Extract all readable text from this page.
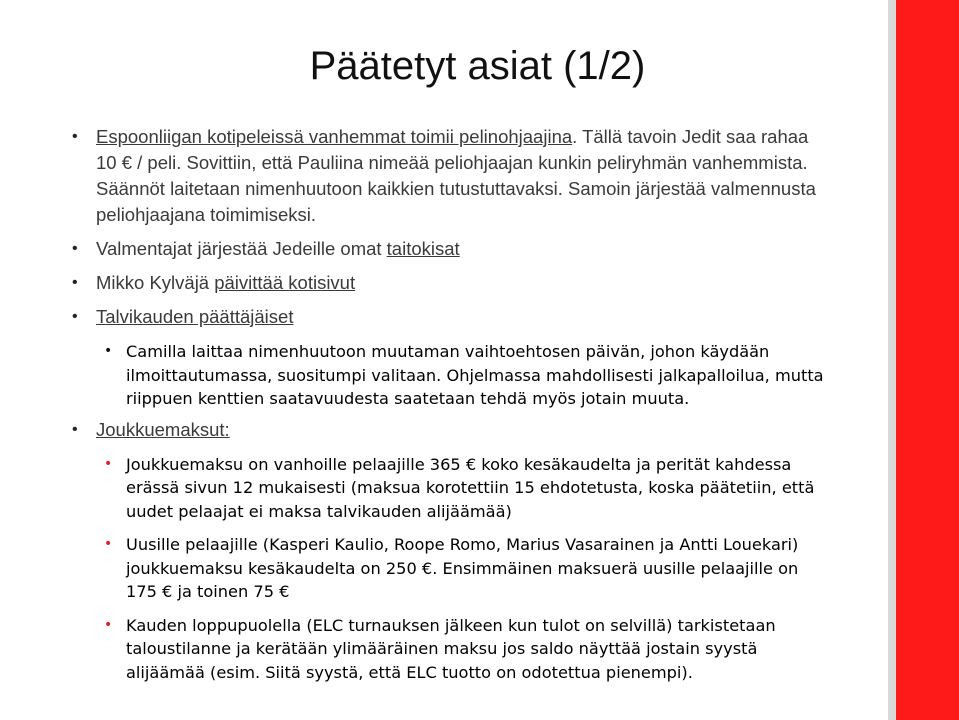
Päätetyt asiat (1/2)
• Espoonliigan kotipeleissä vanhemmat toimii pelinohjaajina. Tällä tavoin Jedit saa rahaa 10 € / peli. Sovittiin, että Pauliina nimeää peliohjaajan kunkin peliryhmän vanhemmista. Säännöt laitetaan nimenhuutoon kaikkien tutustuttavaksi. Samoin järjestää valmennusta peliohjaajana toimimiseksi.
• Valmentajat järjestää Jedeille omat taitokisat
• Mikko Kylväjä päivittää kotisivut
• Talvikauden päättäjäiset
• Camilla laittaa nimenhuutoon muutaman vaihtoehtosen päivän, johon käydään ilmoittautumassa, suositumpi valitaan. Ohjelmassa mahdollisesti jalkapalloilua, mutta riippuen kenttien saatavuudesta saatetaan tehdä myös jotain muuta.
• Joukkuemaksut:
• Joukkuemaksu on vanhoille pelaajille 365 € koko kesäkaudelta ja perität kahdessa erässä sivun 12 mukaisesti (maksua korotettiin 15 ehdotetusta, koska päätetiin, että uudet pelaajat ei maksa talvikauden alijäämää)
• Uusille pelaajille (Kasperi Kaulio, Roope Romo, Marius Vasarainen ja Antti Louekari) joukkuemaksu kesäkaudelta on 250 €. Ensimmäinen maksuerä uusille pelaajille on 175 € ja toinen 75 €
• Kauden loppupuolella (ELC turnauksen jälkeen kun tulot on selvillä) tarkistetaan taloustilanne ja kerätään ylimääräinen maksu jos saldo näyttää jostain syystä alijäämää (esim. Siitä syystä, että ELC tuotto on odotettua pienempi).
